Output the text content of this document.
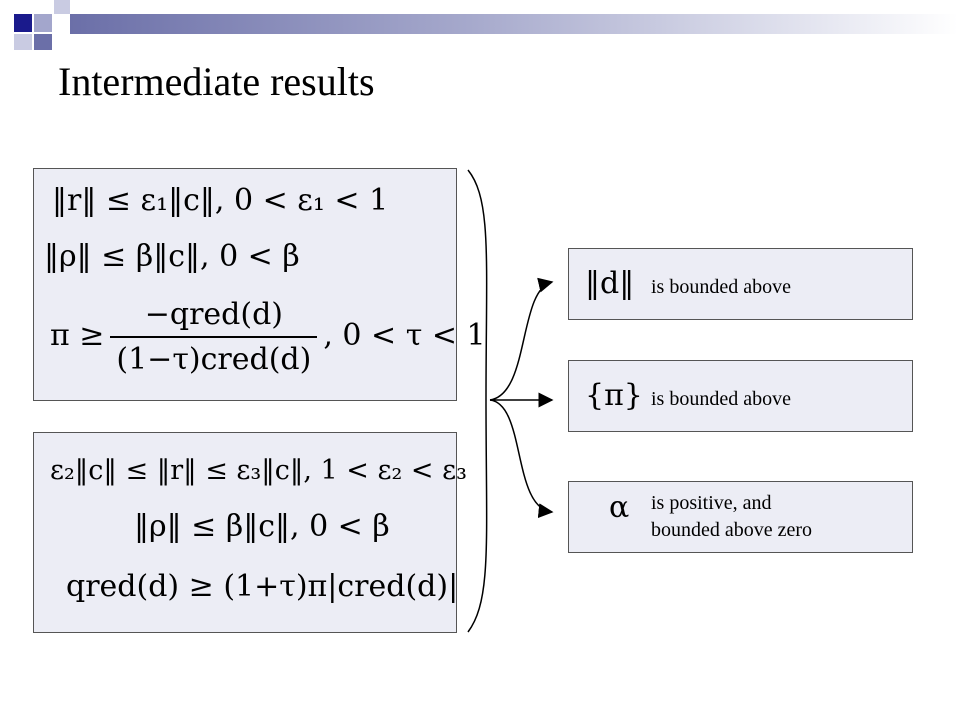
Intermediate results
‖r‖ ≤ ε₁‖c‖, 0 < ε₁ < 1
‖ρ‖ ≤ β‖c‖, 0 < β
$\pi \ge \frac{\text{−qred(d)}}{\text{(1−τ)cred(d)}}$ , 0 < τ < 1
ε₂‖c‖ ≤ ‖r‖ ≤ ε₃‖c‖, 1 < ε₂ < ε₃
‖ρ‖ ≤ β‖c‖, 0 < β
qred(d) ≥ (1+τ)π|cred(d)|
‖d‖ is bounded above
{π} is bounded above
α is positive, and
bounded above zero
